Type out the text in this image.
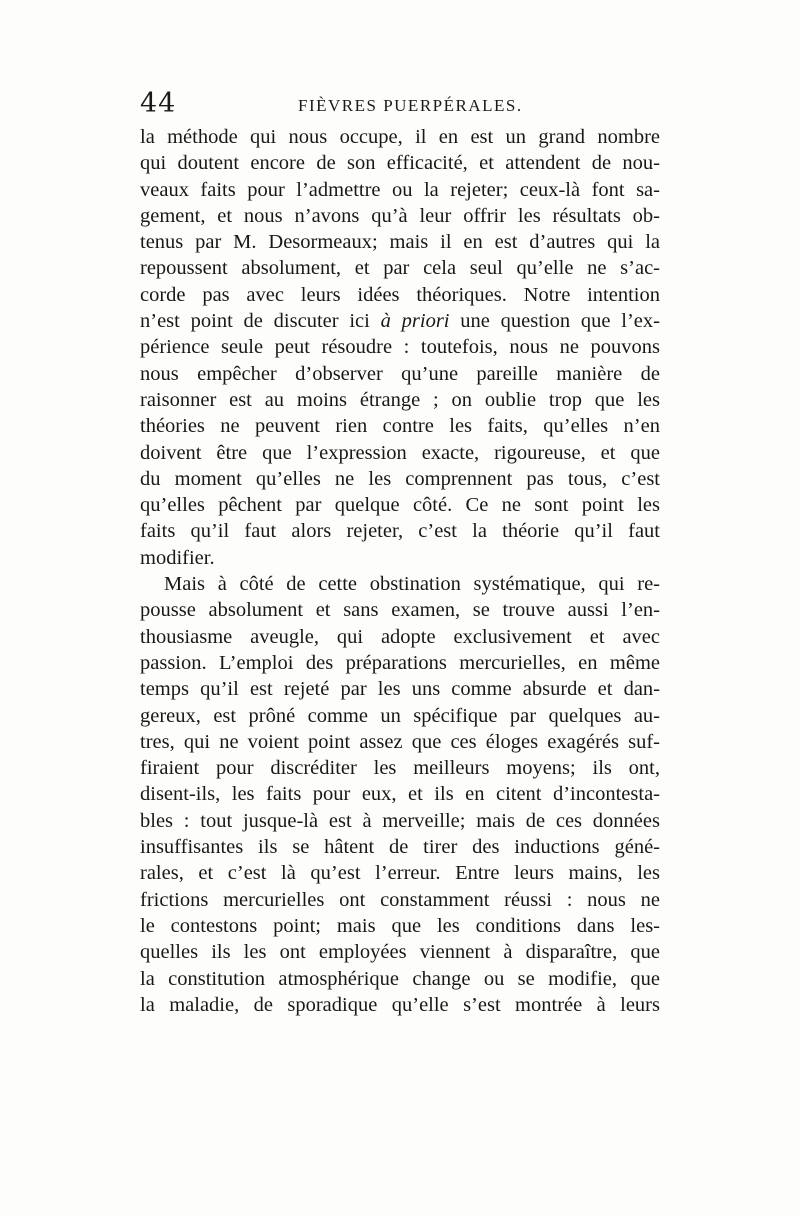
44	FIÈVRES PUERPÉRALES.
la méthode qui nous occupe, il en est un grand nombre
qui doutent encore de son efficacité, et attendent de nou-
veaux faits pour l’admettre ou la rejeter; ceux-là font sa-
gement, et nous n’avons qu’à leur offrir les résultats ob-
tenus par M. Desormeaux; mais il en est d’autres qui la
repoussent absolument, et par cela seul qu’elle ne s’ac-
corde pas avec leurs idées théoriques. Notre intention
n’est point de discuter ici à priori une question que l’ex-
périence seule peut résoudre : toutefois, nous ne pouvons
nous empêcher d’observer qu’une pareille manière de
raisonner est au moins étrange ; on oublie trop que les
théories ne peuvent rien contre les faits, qu’elles n’en
doivent être que l’expression exacte, rigoureuse, et que
du moment qu’elles ne les comprennent pas tous, c’est
qu’elles pêchent par quelque côté. Ce ne sont point les
faits qu’il faut alors rejeter, c’est la théorie qu’il faut
modifier.
Mais à côté de cette obstination systématique, qui re-
pousse absolument et sans examen, se trouve aussi l’en-
thousiasme aveugle, qui adopte exclusivement et avec
passion. L’emploi des préparations mercurielles, en même
temps qu’il est rejeté par les uns comme absurde et dan-
gereux, est prôné comme un spécifique par quelques au-
tres, qui ne voient point assez que ces éloges exagérés suf-
firaient pour discréditer les meilleurs moyens; ils ont,
disent-ils, les faits pour eux, et ils en citent d’incontesta-
bles : tout jusque-là est à merveille; mais de ces données
insuffisantes ils se hâtent de tirer des inductions géné-
rales, et c’est là qu’est l’erreur. Entre leurs mains, les
frictions mercurielles ont constamment réussi : nous ne
le contestons point; mais que les conditions dans les-
quelles ils les ont employées viennent à disparaître, que
la constitution atmosphérique change ou se modifie, que
la maladie, de sporadique qu’elle s’est montrée à leurs
